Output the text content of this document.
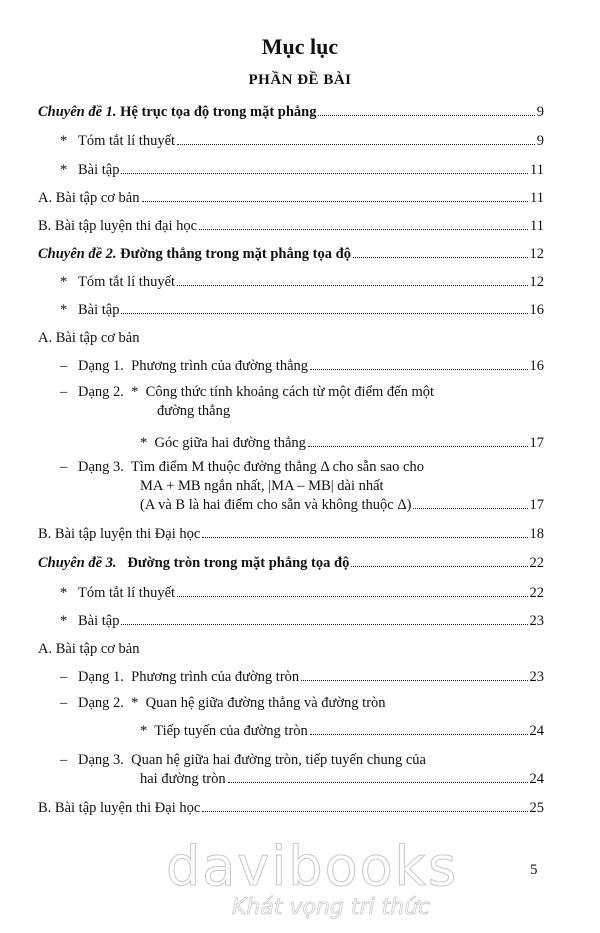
Mục lục
PHẦN ĐỀ BÀI
Chuyên đề 1. Hệ trục tọa độ trong mặt phẳng	9
* Tóm tắt lí thuyết	9
* Bài tập	11
A. Bài tập cơ bản	11
B. Bài tập luyện thi đại học	11
Chuyên đề 2. Đường thẳng trong mặt phẳng tọa độ	12
* Tóm tắt lí thuyết	12
* Bài tập	16
A. Bài tập cơ bản
– Dạng 1. Phương trình của đường thẳng	16
– Dạng 2. * Công thức tính khoảng cách từ một điểm đến một
đường thẳng
* Góc giữa hai đường thẳng	17
– Dạng 3. Tìm điểm M thuộc đường thẳng Δ cho sẵn sao cho
MA + MB ngắn nhất, |MA – MB| dài nhất
(A và B là hai điểm cho sẵn và không thuộc Δ)	17
B. Bài tập luyện thi Đại học	18
Chuyên đề 3. Đường tròn trong mặt phẳng tọa độ	22
* Tóm tắt lí thuyết	22
* Bài tập	23
A. Bài tập cơ bản
– Dạng 1. Phương trình của đường tròn	23
– Dạng 2. * Quan hệ giữa đường thẳng và đường tròn
* Tiếp tuyến của đường tròn	24
– Dạng 3. Quan hệ giữa hai đường tròn, tiếp tuyến chung của
hai đường tròn	24
B. Bài tập luyện thi Đại học	25
davibooks
Khát vọng tri thức
5
